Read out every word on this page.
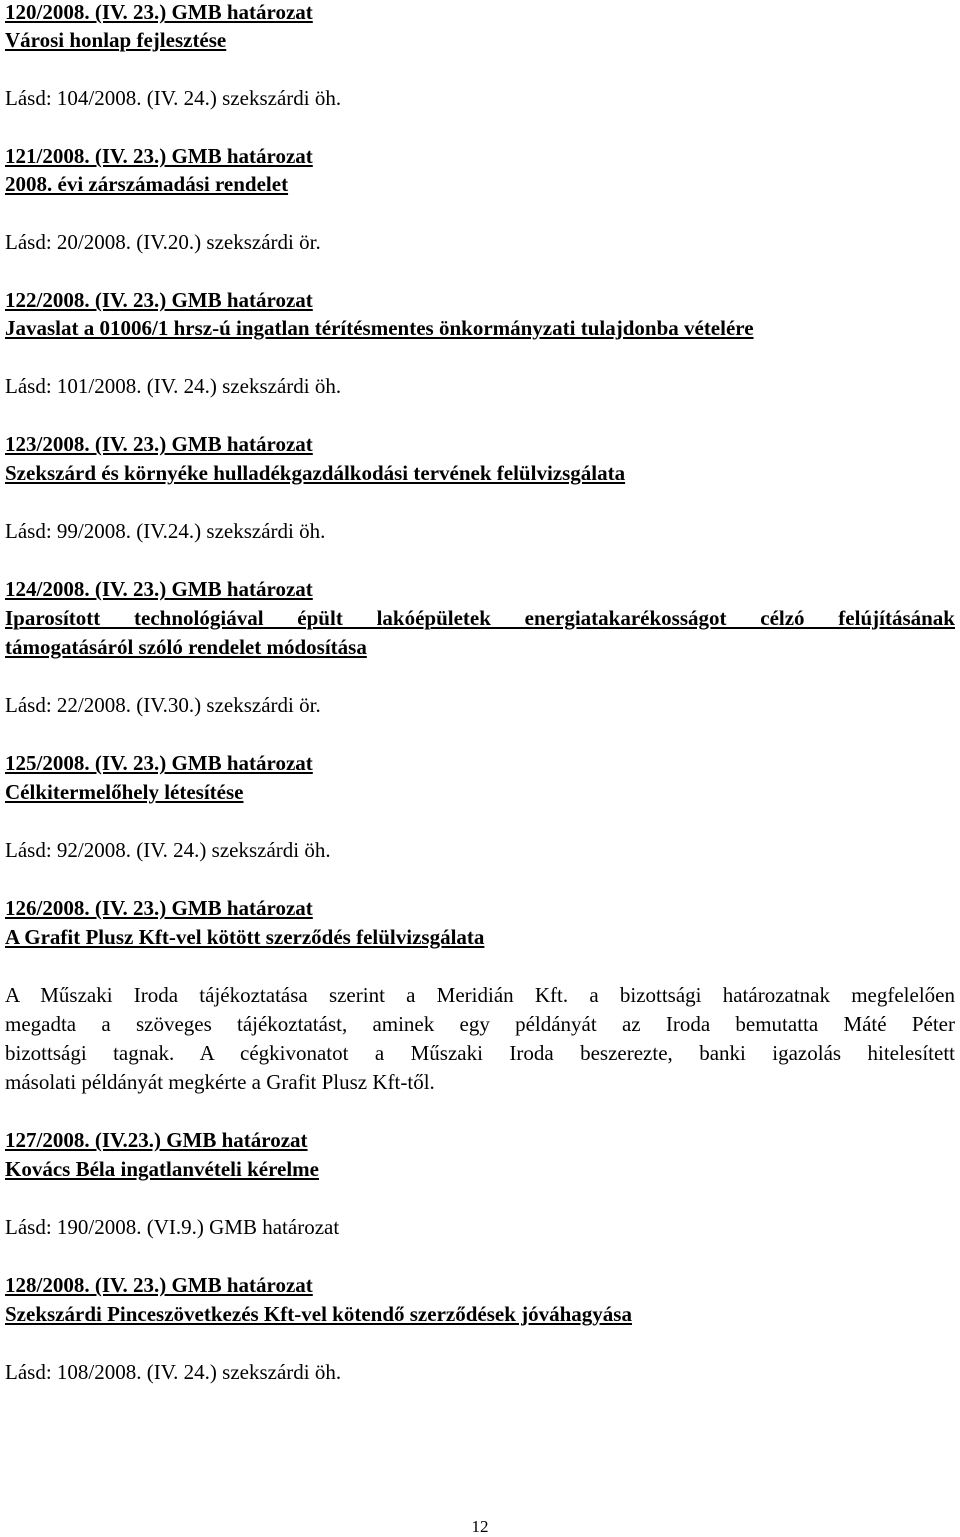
120/2008. (IV. 23.) GMB határozat
Városi honlap fejlesztése
Lásd: 104/2008. (IV. 24.) szekszárdi öh.
121/2008. (IV. 23.) GMB határozat
2008. évi zárszámadási rendelet
Lásd: 20/2008. (IV.20.) szekszárdi ör.
122/2008. (IV. 23.) GMB határozat
Javaslat a 01006/1 hrsz-ú ingatlan térítésmentes önkormányzati tulajdonba vételére
Lásd: 101/2008. (IV. 24.) szekszárdi öh.
123/2008. (IV. 23.) GMB határozat
Szekszárd és környéke hulladékgazdálkodási tervének felülvizsgálata
Lásd: 99/2008. (IV.24.) szekszárdi öh.
124/2008. (IV. 23.) GMB határozat
Iparosított technológiával épült lakóépületek energiatakarékosságot célzó felújításának
támogatásáról szóló rendelet módosítása
Lásd: 22/2008. (IV.30.) szekszárdi ör.
125/2008. (IV. 23.) GMB határozat
Célkitermelőhely létesítése
Lásd: 92/2008. (IV. 24.) szekszárdi öh.
126/2008. (IV. 23.) GMB határozat
A Grafit Plusz Kft-vel kötött szerződés felülvizsgálata
A Műszaki Iroda tájékoztatása szerint a Meridián Kft. a bizottsági határozatnak megfelelően
megadta a szöveges tájékoztatást, aminek egy példányát az Iroda bemutatta Máté Péter
bizottsági tagnak. A cégkivonatot a Műszaki Iroda beszerezte, banki igazolás hitelesített
másolati példányát megkérte a Grafit Plusz Kft-től.
127/2008. (IV.23.) GMB határozat
Kovács Béla ingatlanvételi kérelme
Lásd: 190/2008. (VI.9.) GMB határozat
128/2008. (IV. 23.) GMB határozat
Szekszárdi Pinceszövetkezés Kft-vel kötendő szerződések jóváhagyása
Lásd: 108/2008. (IV. 24.) szekszárdi öh.
12
